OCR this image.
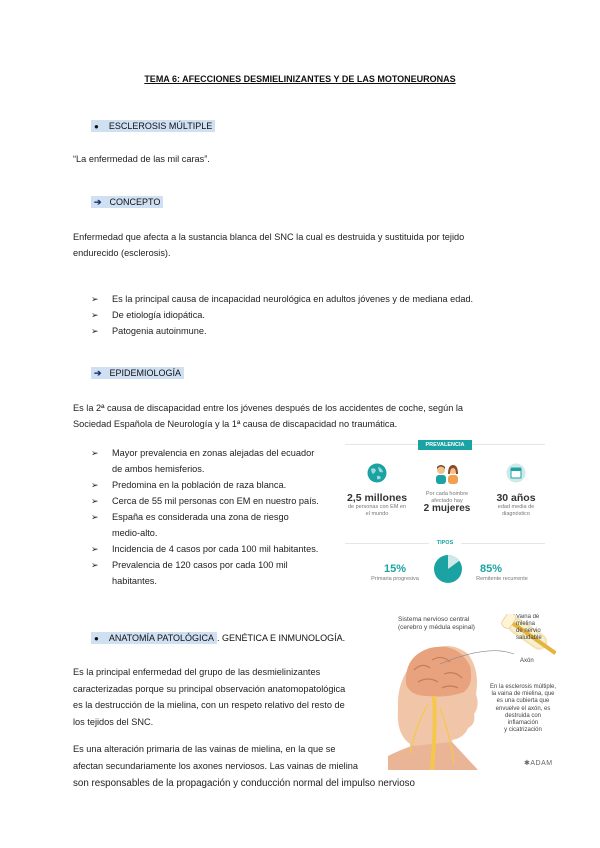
TEMA 6: AFECCIONES DESMIELINIZANTES Y DE LAS MOTONEURONAS
● ESCLEROSIS MÚLTIPLE
“La enfermedad de las mil caras”.
➔ CONCEPTO
Enfermedad que afecta a la sustancia blanca del SNC la cual es destruida y sustituida por tejido
endurecido (esclerosis).
➢ Es la principal causa de incapacidad neurológica en adultos jóvenes y de mediana edad.
➢ De etiología idiopática.
➢ Patogenia autoinmune.
➔ EPIDEMIOLOGÍA
Es la 2ª causa de discapacidad entre los jóvenes después de los accidentes de coche, según la
Sociedad Española de Neurología y la 1ª causa de discapacidad no traumática.
➢ Mayor prevalencia en zonas alejadas del ecuador
de ambos hemisferios.
➢ Predomina en la población de raza blanca.
➢ Cerca de 55 mil personas con EM en nuestro país.
➢ España es considerada una zona de riesgo
medio-alto.
➢ Incidencia de 4 casos por cada 100 mil habitantes.
➢ Prevalencia de 120 casos por cada 100 mil
habitantes.
PREVALENCIA
2,5 millones
de personas con EM en el mundo
Por cada hombre afectado hay
2 mujeres
30 años
edad media de diagnóstico
TIPOS
15%
Primaria progresiva
85%
Remitente recurrente
● ANATOMÍA PATOLÓGICA . GENÉTICA E INMUNOLOGÍA.
Es la principal enfermedad del grupo de las desmielinizantes
caracterizadas porque su principal observación anatomopatológica
es la destrucción de la mielina, con un respeto relativo del resto de
los tejidos del SNC.
Es una alteración primaria de las vainas de mielina, en la que se
afectan secundariamente los axones nerviosos. Las vainas de mielina
son responsables de la propagación y conducción normal del impulso nervioso
Sistema nervioso central
(cerebro y médula espinal)
Vaina de
mielina
de nervio
saludable
Axón
En la esclerosis múltiple,
la vaina de mielina, que
es una cubierta que
envuelve el axón, es
destruida con
inflamación
y cicatrización
✱ADAM
